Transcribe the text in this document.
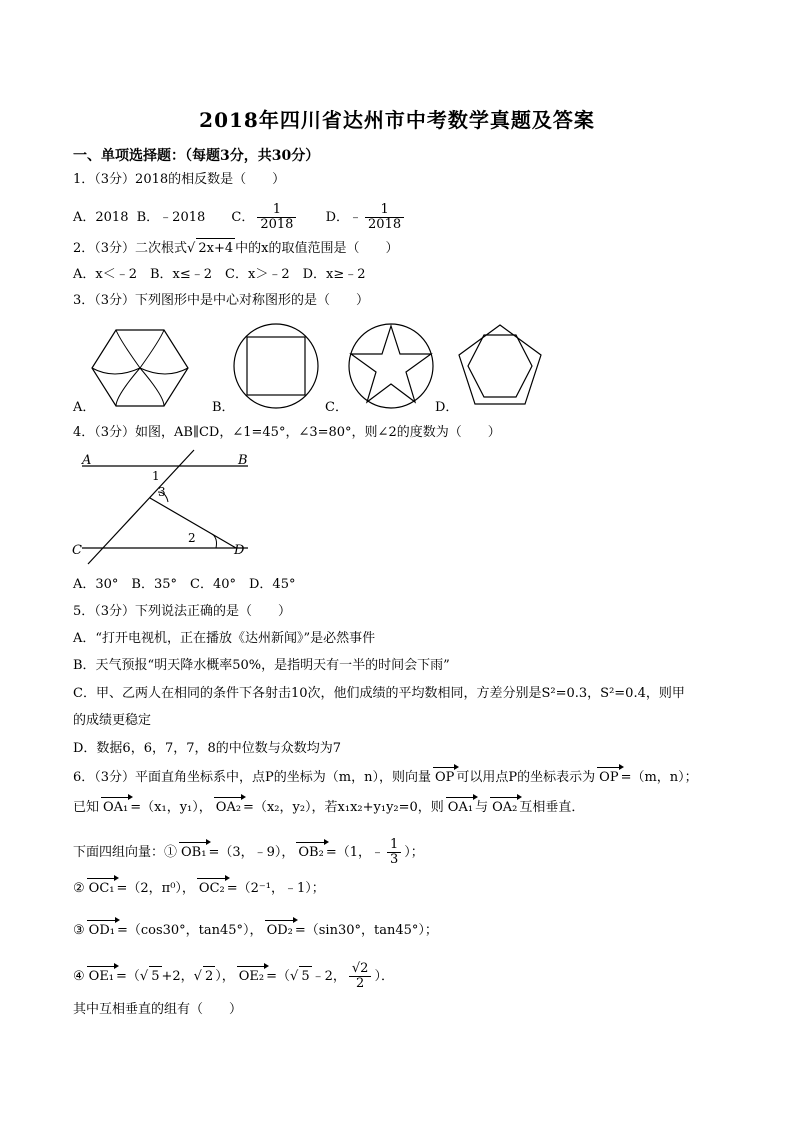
2018年四川省达州市中考数学真题及答案
一、单项选择题：（每题3分，共30分）
1．（3分）2018的相反数是（　　）
A．2018 B．﹣2018 C． $\frac{1}{2018}$ D．﹣ $\frac{1}{2018}$
2．（3分）二次根式√ 2x+4 中的x的取值范围是（　　）
A．x＜﹣2　B．x≤﹣2　C．x＞﹣2　D．x≥﹣2
3．（3分）下列图形中是中心对称图形的是（　　）
A．	B．	C．	D．
4．（3分）如图，AB∥CD，∠1=45°，∠3=80°，则∠2的度数为（　　）
A	B
C	D
1
3
2
A．30°　B．35°　C．40°　D．45°
5．（3分）下列说法正确的是（　　）
A．“打开电视机，正在播放《达州新闻》”是必然事件
B．天气预报“明天降水概率50%，是指明天有一半的时间会下雨”
C．甲、乙两人在相同的条件下各射击10次，他们成绩的平均数相同，方差分别是S²=0.3，S²=0.4，则甲
的成绩更稳定
D．数据6，6，7，7，8的中位数与众数均为7
6．（3分）平面直角坐标系中，点P的坐标为（m，n），则向量 OP 可以用点P的坐标表示为 OP =（m，n）；
已知 OA₁ =（x₁，y₁）， OA₂ =（x₂，y₂），若x₁x₂+y₁y₂=0，则 OA₁ 与 OA₂ 互相垂直．
下面四组向量：① OB₁ =（3，﹣9）， OB₂ =（1，﹣ $\frac{1}{3}$ ）；
② OC₁ =（2，π⁰）， OC₂ =（2⁻¹，﹣1）；
③ OD₁ =（cos30°，tan45°）， OD₂ =（sin30°，tan45°）；
④ OE₁ =（√ 5 +2，√ 2 ）， OE₂ =（√ 5 ﹣2， $\frac{√2}{2}$ ）．
其中互相垂直的组有（　　）
